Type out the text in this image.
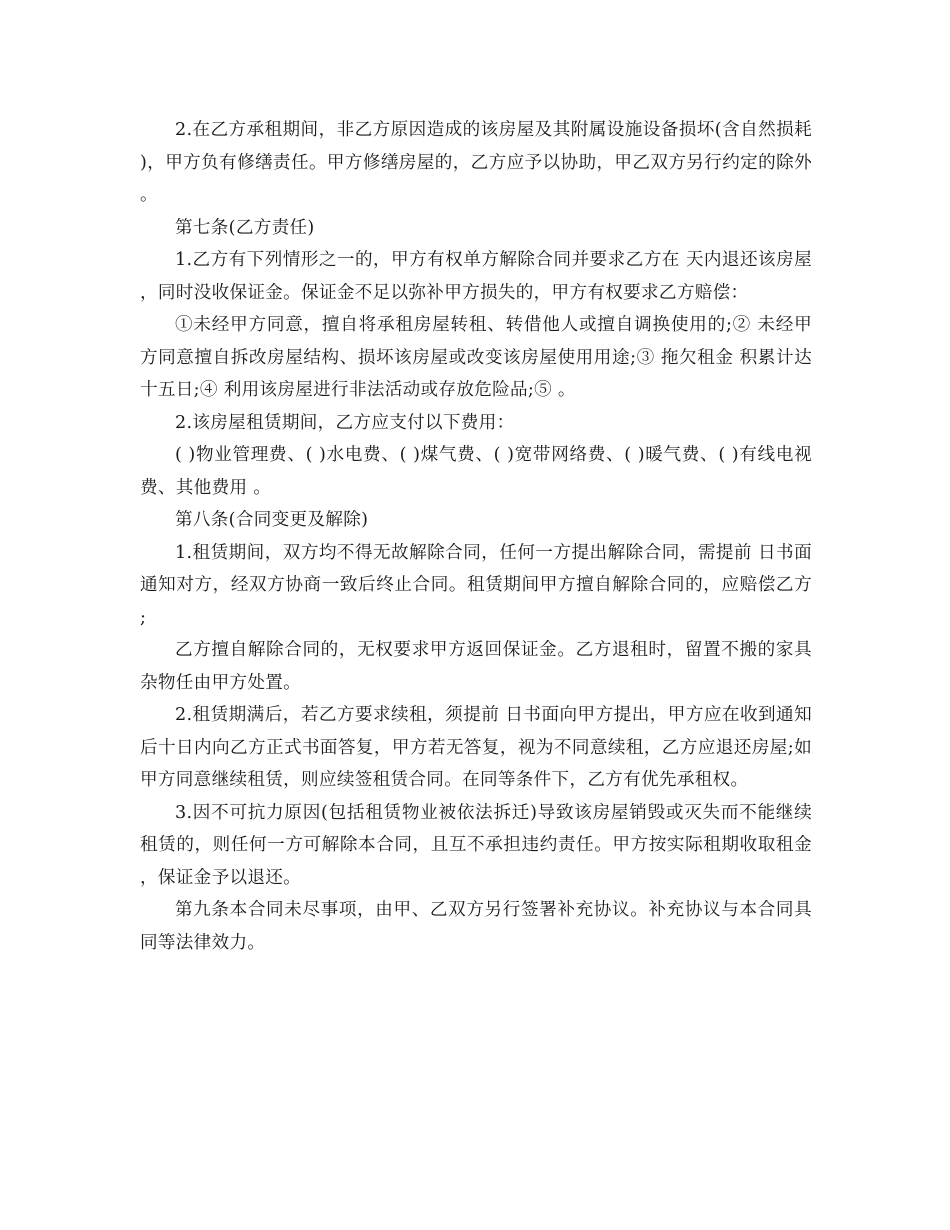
2.在乙方承租期间，非乙方原因造成的该房屋及其附属设施设备损坏(含自然损耗)，甲方负有修缮责任。甲方修缮房屋的，乙方应予以协助，甲乙双方另行约定的除外。

第七条(乙方责任)

1.乙方有下列情形之一的，甲方有权单方解除合同并要求乙方在 天内退还该房屋，同时没收保证金。保证金不足以弥补甲方损失的，甲方有权要求乙方赔偿：

①未经甲方同意，擅自将承租房屋转租、转借他人或擅自调换使用的;② 未经甲方同意擅自拆改房屋结构、损坏该房屋或改变该房屋使用用途;③ 拖欠租金 积累计达十五日;④ 利用该房屋进行非法活动或存放危险品;⑤ 。

2.该房屋租赁期间，乙方应支付以下费用：

( )物业管理费、( )水电费、( )煤气费、( )宽带网络费、( )暖气费、( )有线电视费、其他费用 。

第八条(合同变更及解除)

1.租赁期间，双方均不得无故解除合同，任何一方提出解除合同，需提前 日书面通知对方，经双方协商一致后终止合同。租赁期间甲方擅自解除合同的，应赔偿乙方 ;

乙方擅自解除合同的，无权要求甲方返回保证金。乙方退租时，留置不搬的家具杂物任由甲方处置。

2.租赁期满后，若乙方要求续租，须提前 日书面向甲方提出，甲方应在收到通知后十日内向乙方正式书面答复，甲方若无答复，视为不同意续租，乙方应退还房屋;如甲方同意继续租赁，则应续签租赁合同。在同等条件下，乙方有优先承租权。

3.因不可抗力原因(包括租赁物业被依法拆迁)导致该房屋销毁或灭失而不能继续租赁的，则任何一方可解除本合同，且互不承担违约责任。甲方按实际租期收取租金，保证金予以退还。

第九条本合同未尽事项，由甲、乙双方另行签署补充协议。补充协议与本合同具同等法律效力。
